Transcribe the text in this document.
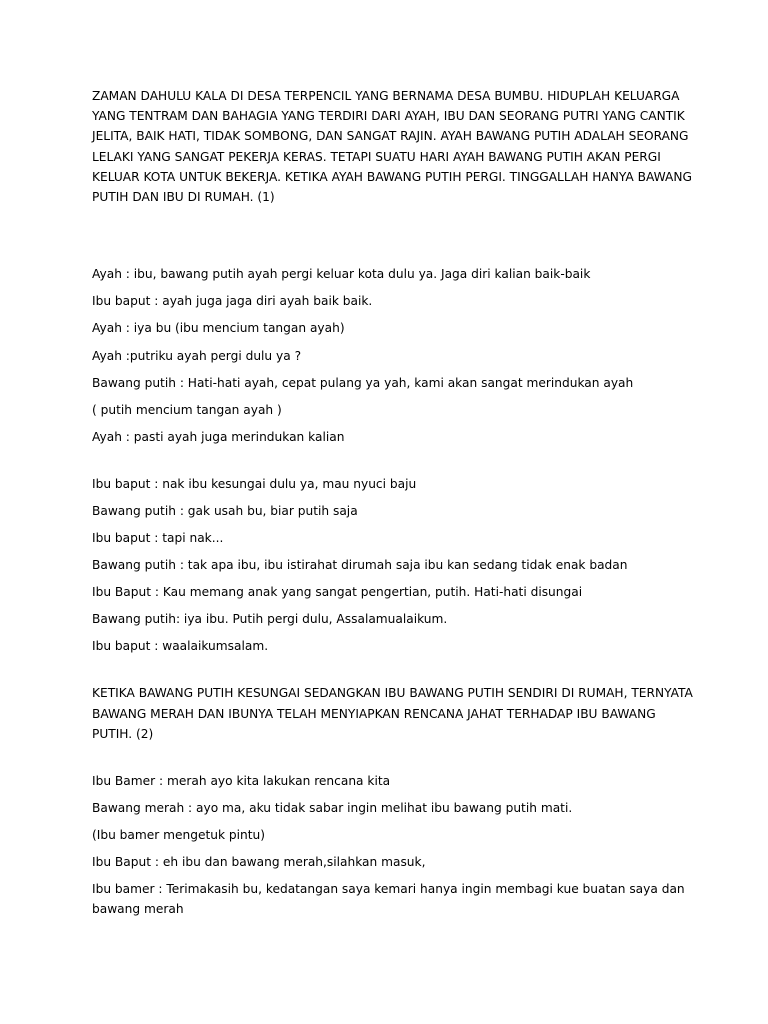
ZAMAN DAHULU KALA DI DESA TERPENCIL YANG BERNAMA DESA BUMBU. HIDUPLAH KELUARGA

YANG TENTRAM DAN BAHAGIA YANG TERDIRI DARI AYAH, IBU DAN SEORANG PUTRI YANG CANTIK

JELITA, BAIK HATI, TIDAK SOMBONG, DAN SANGAT RAJIN. AYAH BAWANG PUTIH ADALAH SEORANG

LELAKI YANG SANGAT PEKERJA KERAS. TETAPI SUATU HARI AYAH BAWANG PUTIH AKAN PERGI

KELUAR KOTA UNTUK BEKERJA. KETIKA AYAH BAWANG PUTIH PERGI. TINGGALLAH HANYA BAWANG

PUTIH DAN IBU DI RUMAH. (1)

Ayah : ibu, bawang putih ayah pergi keluar kota dulu ya. Jaga diri kalian baik-baik

Ibu baput : ayah juga jaga diri ayah baik baik.

Ayah : iya bu (ibu mencium tangan ayah)

Ayah :putriku ayah pergi dulu ya ?

Bawang putih : Hati-hati ayah, cepat pulang ya yah, kami akan sangat merindukan ayah

( putih mencium tangan ayah )

Ayah : pasti ayah juga merindukan kalian

Ibu baput : nak ibu kesungai dulu ya, mau nyuci baju

Bawang putih : gak usah bu, biar putih saja

Ibu baput : tapi nak...

Bawang putih : tak apa ibu, ibu istirahat dirumah saja ibu kan sedang tidak enak badan

Ibu Baput : Kau memang anak yang sangat pengertian, putih. Hati-hati disungai

Bawang putih: iya ibu. Putih pergi dulu, Assalamualaikum.

Ibu baput : waalaikumsalam.

KETIKA BAWANG PUTIH KESUNGAI SEDANGKAN IBU BAWANG PUTIH SENDIRI DI RUMAH, TERNYATA

BAWANG MERAH DAN IBUNYA TELAH MENYIAPKAN RENCANA JAHAT TERHADAP IBU BAWANG

PUTIH. (2)

Ibu Bamer : merah ayo kita lakukan rencana kita

Bawang merah : ayo ma, aku tidak sabar ingin melihat ibu bawang putih mati.

(Ibu bamer mengetuk pintu)

Ibu Baput : eh ibu dan bawang merah,silahkan masuk,

Ibu bamer : Terimakasih bu, kedatangan saya kemari hanya ingin membagi kue buatan saya dan

bawang merah
